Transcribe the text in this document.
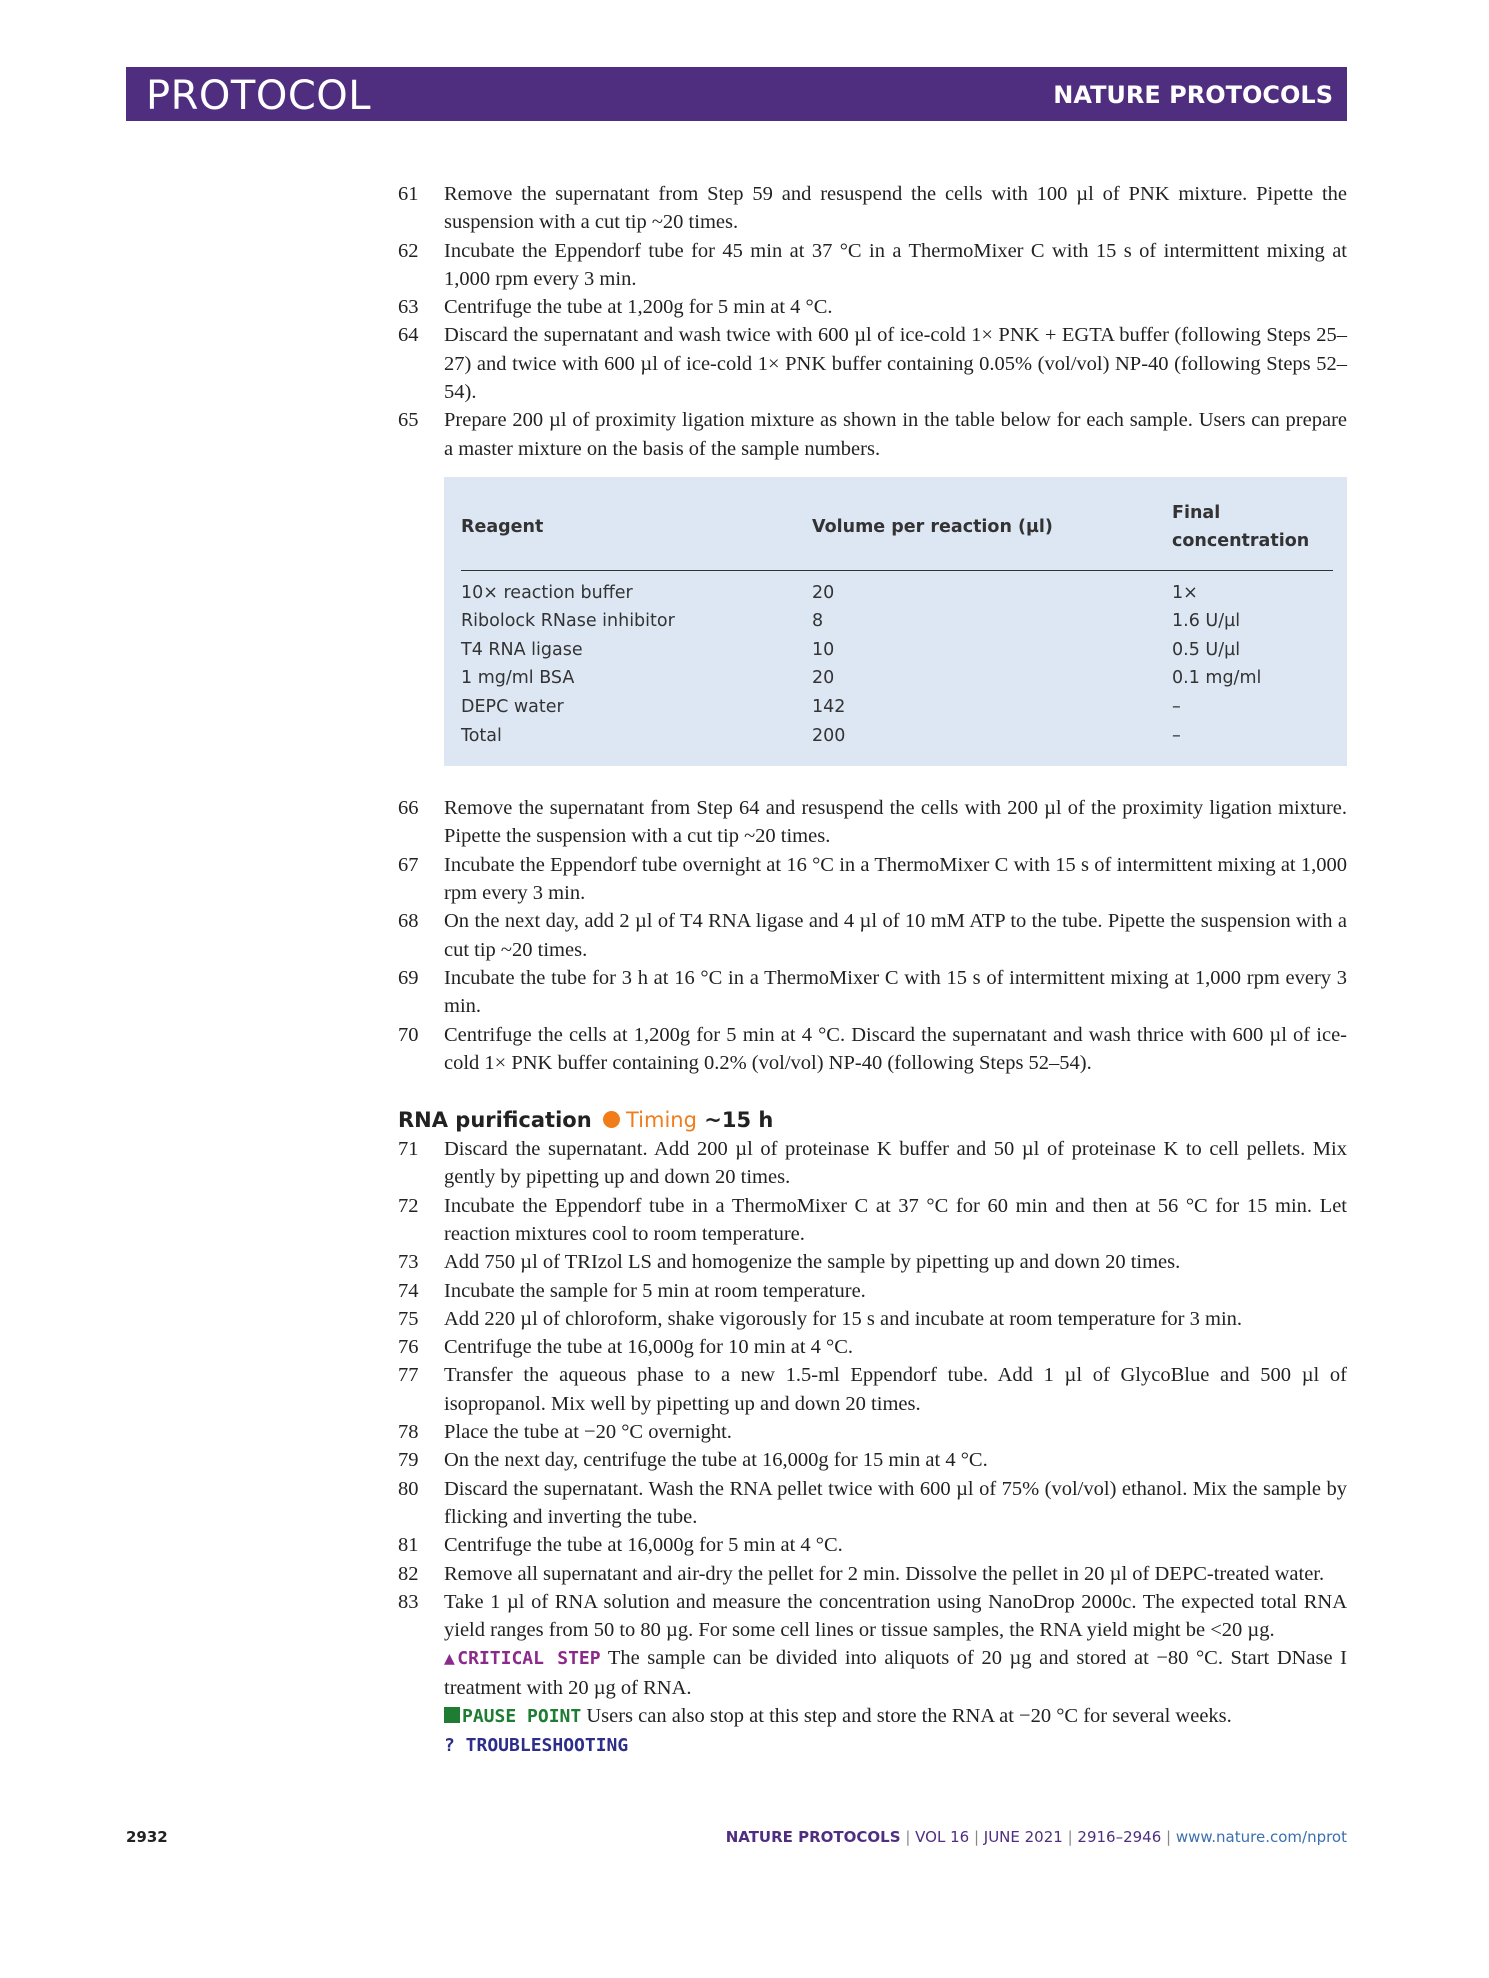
PROTOCOL	NATURE PROTOCOLS
61	Remove the supernatant from Step 59 and resuspend the cells with 100 µl of PNK mixture. Pipette the suspension with a cut tip ~20 times.
62	Incubate the Eppendorf tube for 45 min at 37 °C in a ThermoMixer C with 15 s of intermittent mixing at 1,000 rpm every 3 min.
63	Centrifuge the tube at 1,200g for 5 min at 4 °C.
64	Discard the supernatant and wash twice with 600 µl of ice-cold 1× PNK + EGTA buffer (following Steps 25–27) and twice with 600 µl of ice-cold 1× PNK buffer containing 0.05% (vol/vol) NP-40 (following Steps 52–54).
65	Prepare 200 µl of proximity ligation mixture as shown in the table below for each sample. Users can prepare a master mixture on the basis of the sample numbers.
Reagent	Volume per reaction (µl)	Final concentration
10× reaction buffer	20	1×
Ribolock RNase inhibitor	8	1.6 U/µl
T4 RNA ligase	10	0.5 U/µl
1 mg/ml BSA	20	0.1 mg/ml
DEPC water	142	–
Total	200	–
66	Remove the supernatant from Step 64 and resuspend the cells with 200 µl of the proximity ligation mixture. Pipette the suspension with a cut tip ~20 times.
67	Incubate the Eppendorf tube overnight at 16 °C in a ThermoMixer C with 15 s of intermittent mixing at 1,000 rpm every 3 min.
68	On the next day, add 2 µl of T4 RNA ligase and 4 µl of 10 mM ATP to the tube. Pipette the suspension with a cut tip ~20 times.
69	Incubate the tube for 3 h at 16 °C in a ThermoMixer C with 15 s of intermittent mixing at 1,000 rpm every 3 min.
70	Centrifuge the cells at 1,200g for 5 min at 4 °C. Discard the supernatant and wash thrice with 600 µl of ice-cold 1× PNK buffer containing 0.2% (vol/vol) NP-40 (following Steps 52–54).
RNA purification Timing ~15 h
71	Discard the supernatant. Add 200 µl of proteinase K buffer and 50 µl of proteinase K to cell pellets. Mix gently by pipetting up and down 20 times.
72	Incubate the Eppendorf tube in a ThermoMixer C at 37 °C for 60 min and then at 56 °C for 15 min. Let reaction mixtures cool to room temperature.
73	Add 750 µl of TRIzol LS and homogenize the sample by pipetting up and down 20 times.
74	Incubate the sample for 5 min at room temperature.
75	Add 220 µl of chloroform, shake vigorously for 15 s and incubate at room temperature for 3 min.
76	Centrifuge the tube at 16,000g for 10 min at 4 °C.
77	Transfer the aqueous phase to a new 1.5-ml Eppendorf tube. Add 1 µl of GlycoBlue and 500 µl of isopropanol. Mix well by pipetting up and down 20 times.
78	Place the tube at −20 °C overnight.
79	On the next day, centrifuge the tube at 16,000g for 15 min at 4 °C.
80	Discard the supernatant. Wash the RNA pellet twice with 600 µl of 75% (vol/vol) ethanol. Mix the sample by flicking and inverting the tube.
81	Centrifuge the tube at 16,000g for 5 min at 4 °C.
82	Remove all supernatant and air-dry the pellet for 2 min. Dissolve the pellet in 20 µl of DEPC-treated water.
83	Take 1 µl of RNA solution and measure the concentration using NanoDrop 2000c. The expected total RNA yield ranges from 50 to 80 µg. For some cell lines or tissue samples, the RNA yield might be <20 µg.
▲CRITICAL STEP The sample can be divided into aliquots of 20 µg and stored at −80 °C. Start DNase I treatment with 20 µg of RNA.
PAUSE POINT Users can also stop at this step and store the RNA at −20 °C for several weeks.
? TROUBLESHOOTING
2932	NATURE PROTOCOLS | VOL 16 | JUNE 2021 | 2916–2946 | www.nature.com/nprot
